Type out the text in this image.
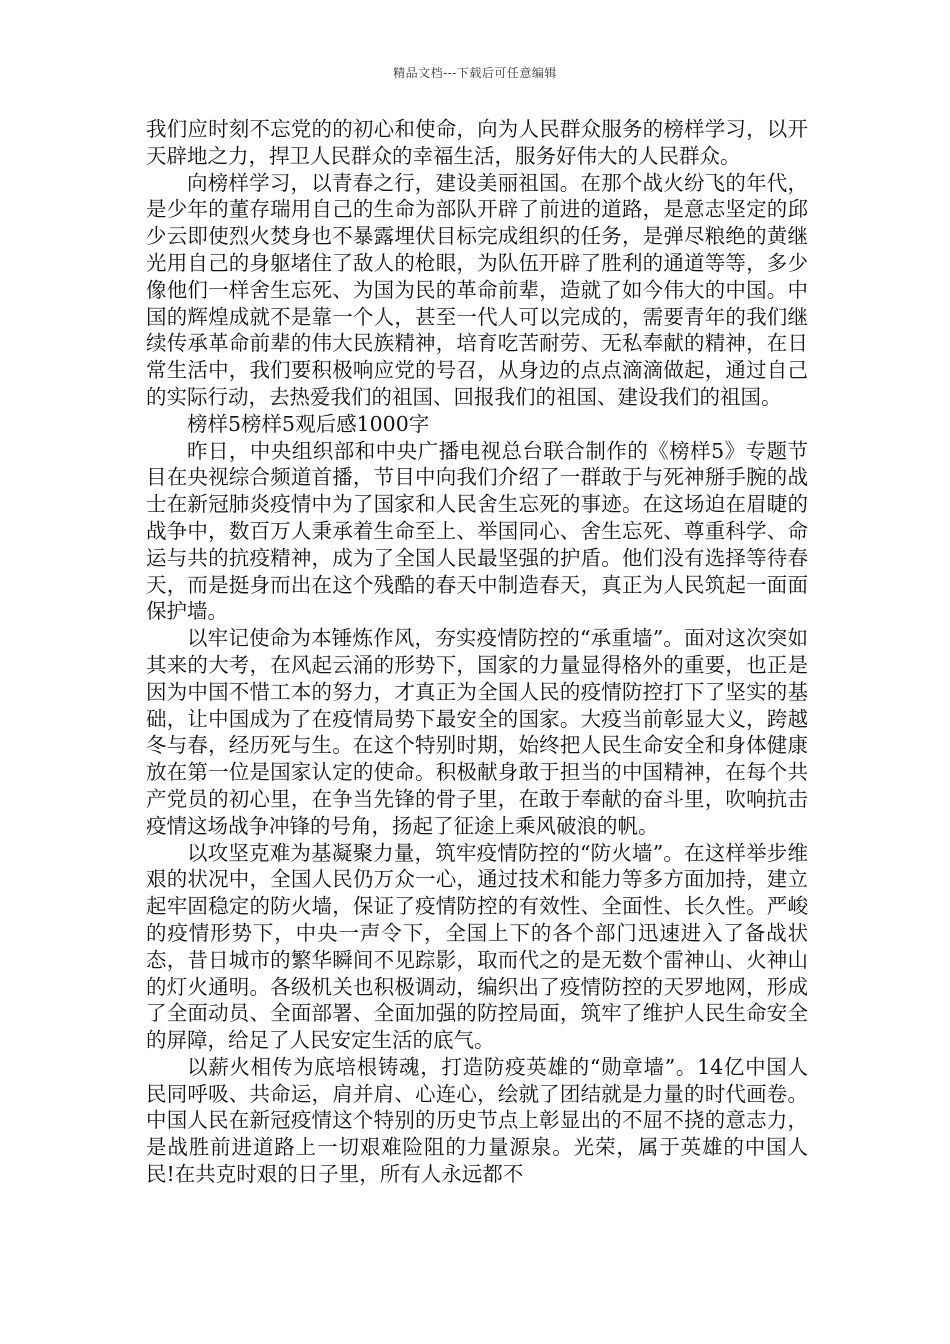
精品文档---下载后可任意编辑

我们应时刻不忘党的的初心和使命，向为人民群众服务的榜样学习，以开天辟地之力，捍卫人民群众的幸福生活，服务好伟大的人民群众。

向榜样学习，以青春之行，建设美丽祖国。在那个战火纷飞的年代，是少年的董存瑞用自己的生命为部队开辟了前进的道路，是意志坚定的邱少云即使烈火焚身也不暴露埋伏目标完成组织的任务，是弹尽粮绝的黄继光用自己的身躯堵住了敌人的枪眼，为队伍开辟了胜利的通道等等，多少像他们一样舍生忘死、为国为民的革命前辈，造就了如今伟大的中国。中国的辉煌成就不是靠一个人，甚至一代人可以完成的，需要青年的我们继续传承革命前辈的伟大民族精神，培育吃苦耐劳、无私奉献的精神，在日常生活中，我们要积极响应党的号召，从身边的点点滴滴做起，通过自己的实际行动，去热爱我们的祖国、回报我们的祖国、建设我们的祖国。

榜样5榜样5观后感1000字

昨日，中央组织部和中央广播电视总台联合制作的《榜样5》专题节目在央视综合频道首播，节目中向我们介绍了一群敢于与死神掰手腕的战士在新冠肺炎疫情中为了国家和人民舍生忘死的事迹。在这场迫在眉睫的战争中，数百万人秉承着生命至上、举国同心、舍生忘死、尊重科学、命运与共的抗疫精神，成为了全国人民最坚强的护盾。他们没有选择等待春天，而是挺身而出在这个残酷的春天中制造春天，真正为人民筑起一面面保护墙。

以牢记使命为本锤炼作风，夯实疫情防控的“承重墙”。面对这次突如其来的大考，在风起云涌的形势下，国家的力量显得格外的重要，也正是因为中国不惜工本的努力，才真正为全国人民的疫情防控打下了坚实的基础，让中国成为了在疫情局势下最安全的国家。大疫当前彰显大义，跨越冬与春，经历死与生。在这个特别时期，始终把人民生命安全和身体健康放在第一位是国家认定的使命。积极献身敢于担当的中国精神，在每个共产党员的初心里，在争当先锋的骨子里，在敢于奉献的奋斗里，吹响抗击疫情这场战争冲锋的号角，扬起了征途上乘风破浪的帆。

以攻坚克难为基凝聚力量，筑牢疫情防控的“防火墙”。在这样举步维艰的状况中，全国人民仍万众一心，通过技术和能力等多方面加持，建立起牢固稳定的防火墙，保证了疫情防控的有效性、全面性、长久性。严峻的疫情形势下，中央一声令下，全国上下的各个部门迅速进入了备战状态，昔日城市的繁华瞬间不见踪影，取而代之的是无数个雷神山、火神山的灯火通明。各级机关也积极调动，编织出了疫情防控的天罗地网，形成了全面动员、全面部署、全面加强的防控局面，筑牢了维护人民生命安全的屏障，给足了人民安定生活的底气。

以薪火相传为底培根铸魂，打造防疫英雄的“勋章墙”。14亿中国人民同呼吸、共命运，肩并肩、心连心，绘就了团结就是力量的时代画卷。中国人民在新冠疫情这个特别的历史节点上彰显出的不屈不挠的意志力，是战胜前进道路上一切艰难险阻的力量源泉。光荣，属于英雄的中国人民!在共克时艰的日子里，所有人永远都不
